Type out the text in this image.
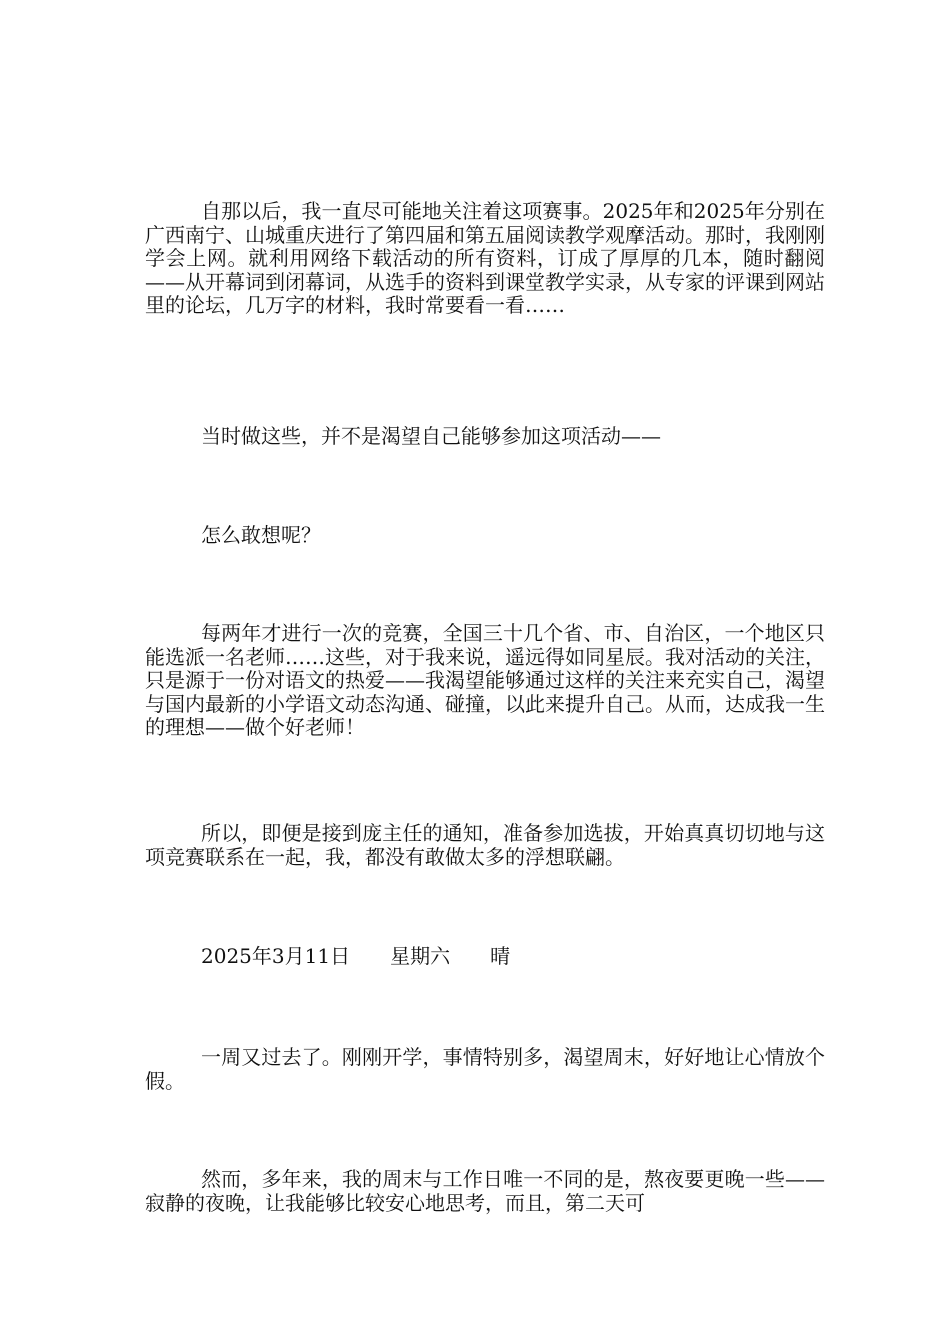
自那以后，我一直尽可能地关注着这项赛事。2025年和2025年分别在广西南宁、山城重庆进行了第四届和第五届阅读教学观摩活动。那时，我刚刚学会上网。就利用网络下载活动的所有资料，订成了厚厚的几本，随时翻阅——从开幕词到闭幕词，从选手的资料到课堂教学实录，从专家的评课到网站里的论坛，几万字的材料，我时常要看一看……

当时做这些，并不是渴望自己能够参加这项活动——

怎么敢想呢？

每两年才进行一次的竞赛，全国三十几个省、市、自治区，一个地区只能选派一名老师……这些，对于我来说，遥远得如同星辰。我对活动的关注，只是源于一份对语文的热爱——我渴望能够通过这样的关注来充实自己，渴望与国内最新的小学语文动态沟通、碰撞，以此来提升自己。从而，达成我一生的理想——做个好老师！

所以，即便是接到庞主任的通知，准备参加选拔，开始真真切切地与这项竞赛联系在一起，我，都没有敢做太多的浮想联翩。

2025年3月11日　　星期六　　晴

一周又过去了。刚刚开学，事情特别多，渴望周末，好好地让心情放个假。

然而，多年来，我的周末与工作日唯一不同的是，熬夜要更晚一些——寂静的夜晚，让我能够比较安心地思考，而且，第二天可
